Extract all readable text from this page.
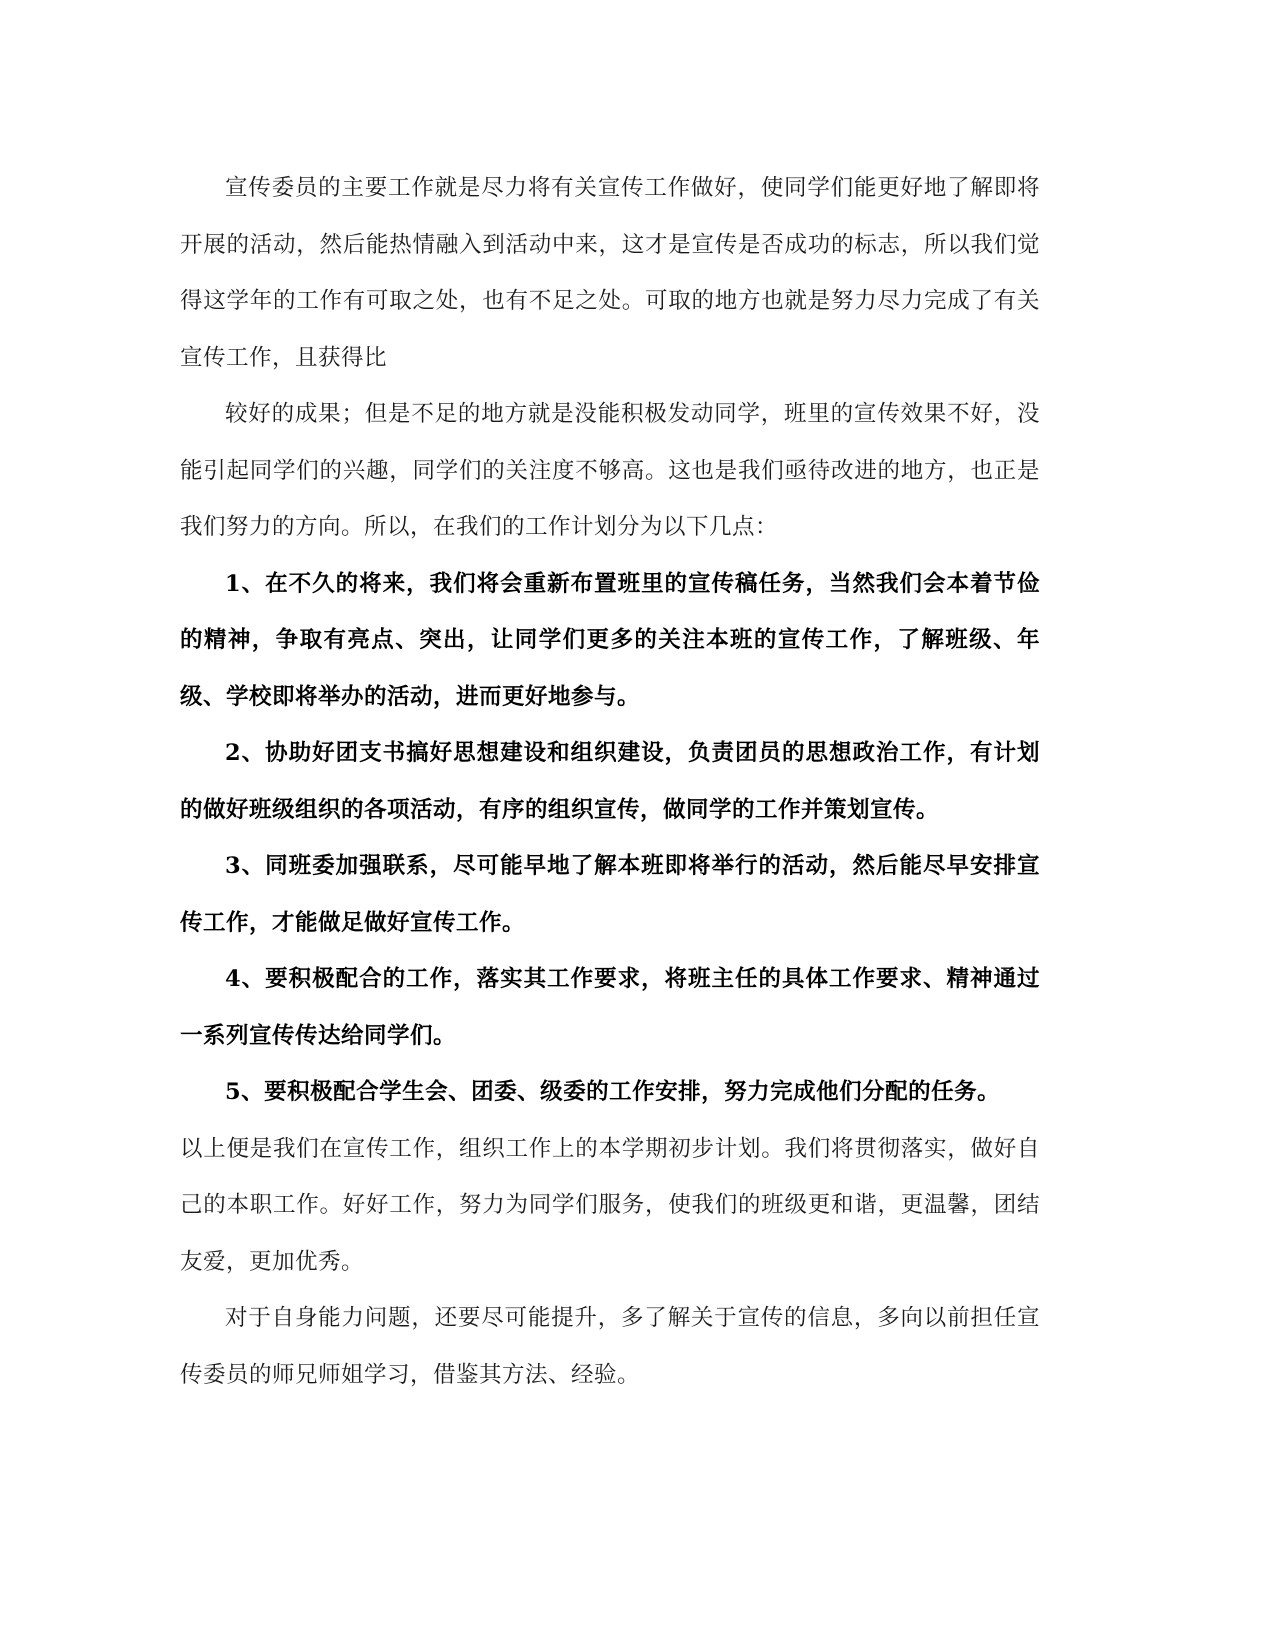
宣传委员的主要工作就是尽力将有关宣传工作做好，使同学们能更好地了解即将开展的活动，然后能热情融入到活动中来，这才是宣传是否成功的标志，所以我们觉得这学年的工作有可取之处，也有不足之处。可取的地方也就是努力尽力完成了有关宣传工作，且获得比

较好的成果；但是不足的地方就是没能积极发动同学，班里的宣传效果不好，没能引起同学们的兴趣，同学们的关注度不够高。这也是我们亟待改进的地方，也正是我们努力的方向。所以，在我们的工作计划分为以下几点：

1、在不久的将来，我们将会重新布置班里的宣传稿任务，当然我们会本着节俭的精神，争取有亮点、突出，让同学们更多的关注本班的宣传工作，了解班级、年级、学校即将举办的活动，进而更好地参与。

2、协助好团支书搞好思想建设和组织建设，负责团员的思想政治工作，有计划的做好班级组织的各项活动，有序的组织宣传，做同学的工作并策划宣传。

3、同班委加强联系，尽可能早地了解本班即将举行的活动，然后能尽早安排宣传工作，才能做足做好宣传工作。

4、要积极配合的工作，落实其工作要求，将班主任的具体工作要求、精神通过一系列宣传传达给同学们。

5、要积极配合学生会、团委、级委的工作安排，努力完成他们分配的任务。

以上便是我们在宣传工作，组织工作上的本学期初步计划。我们将贯彻落实，做好自己的本职工作。好好工作，努力为同学们服务，使我们的班级更和谐，更温馨，团结友爱，更加优秀。

对于自身能力问题，还要尽可能提升，多了解关于宣传的信息，多向以前担任宣传委员的师兄师姐学习，借鉴其方法、经验。
